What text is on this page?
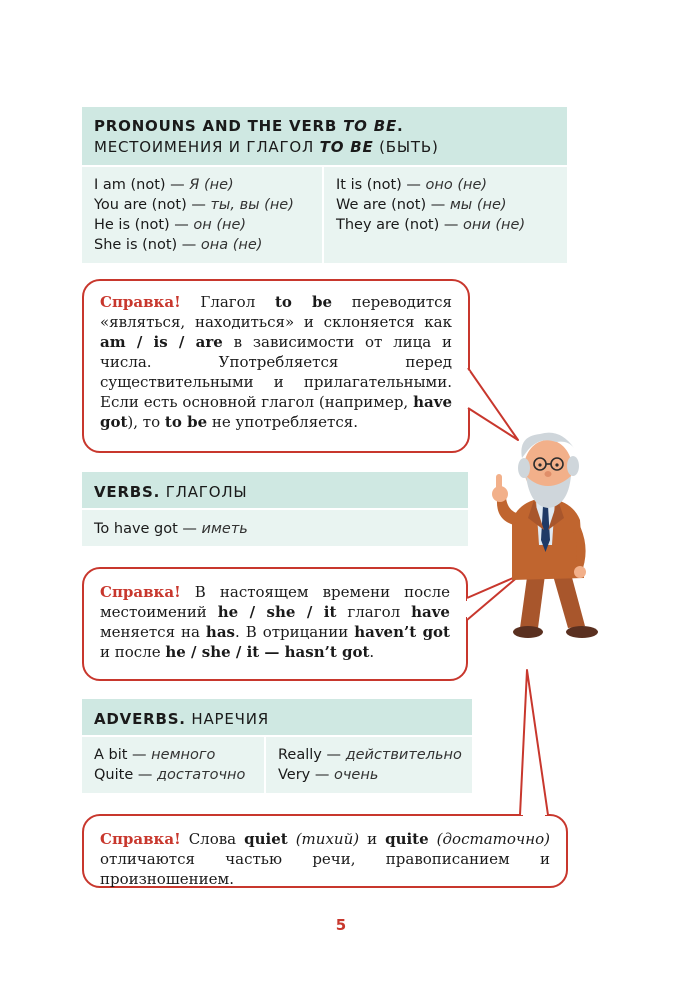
PRONOUNS AND THE VERB TO BE.
МЕСТОИМЕНИЯ И ГЛАГОЛ TO BE (БЫТЬ)
I am (not) — Я (не)
You are (not) — ты, вы (не)
He is (not) — он (не)
She is (not) — она (не)
It is (not) — оно (не)
We are (not) — мы (не)
They are (not) — они (не)
Справка! Глагол to be переводится «являться, находиться» и склоняется как am / is / are в зависимости от лица и числа. Употребляется перед существительными и прилагательными. Если есть основной глагол (например, have got), то to be не употребляется.
VERBS. ГЛАГОЛЫ
To have got — иметь
Справка! В настоящем времени после местоимений he / she / it глагол have меняется на has. В отрицании haven’t got и после he / she / it — hasn’t got.
ADVERBS. НАРЕЧИЯ
A bit — немного
Quite — достаточно
Really — действительно
Very — очень
Справка! Слова quiet (тихий) и quite (достаточно) отличаются частью речи, правописанием и произношением.
5
